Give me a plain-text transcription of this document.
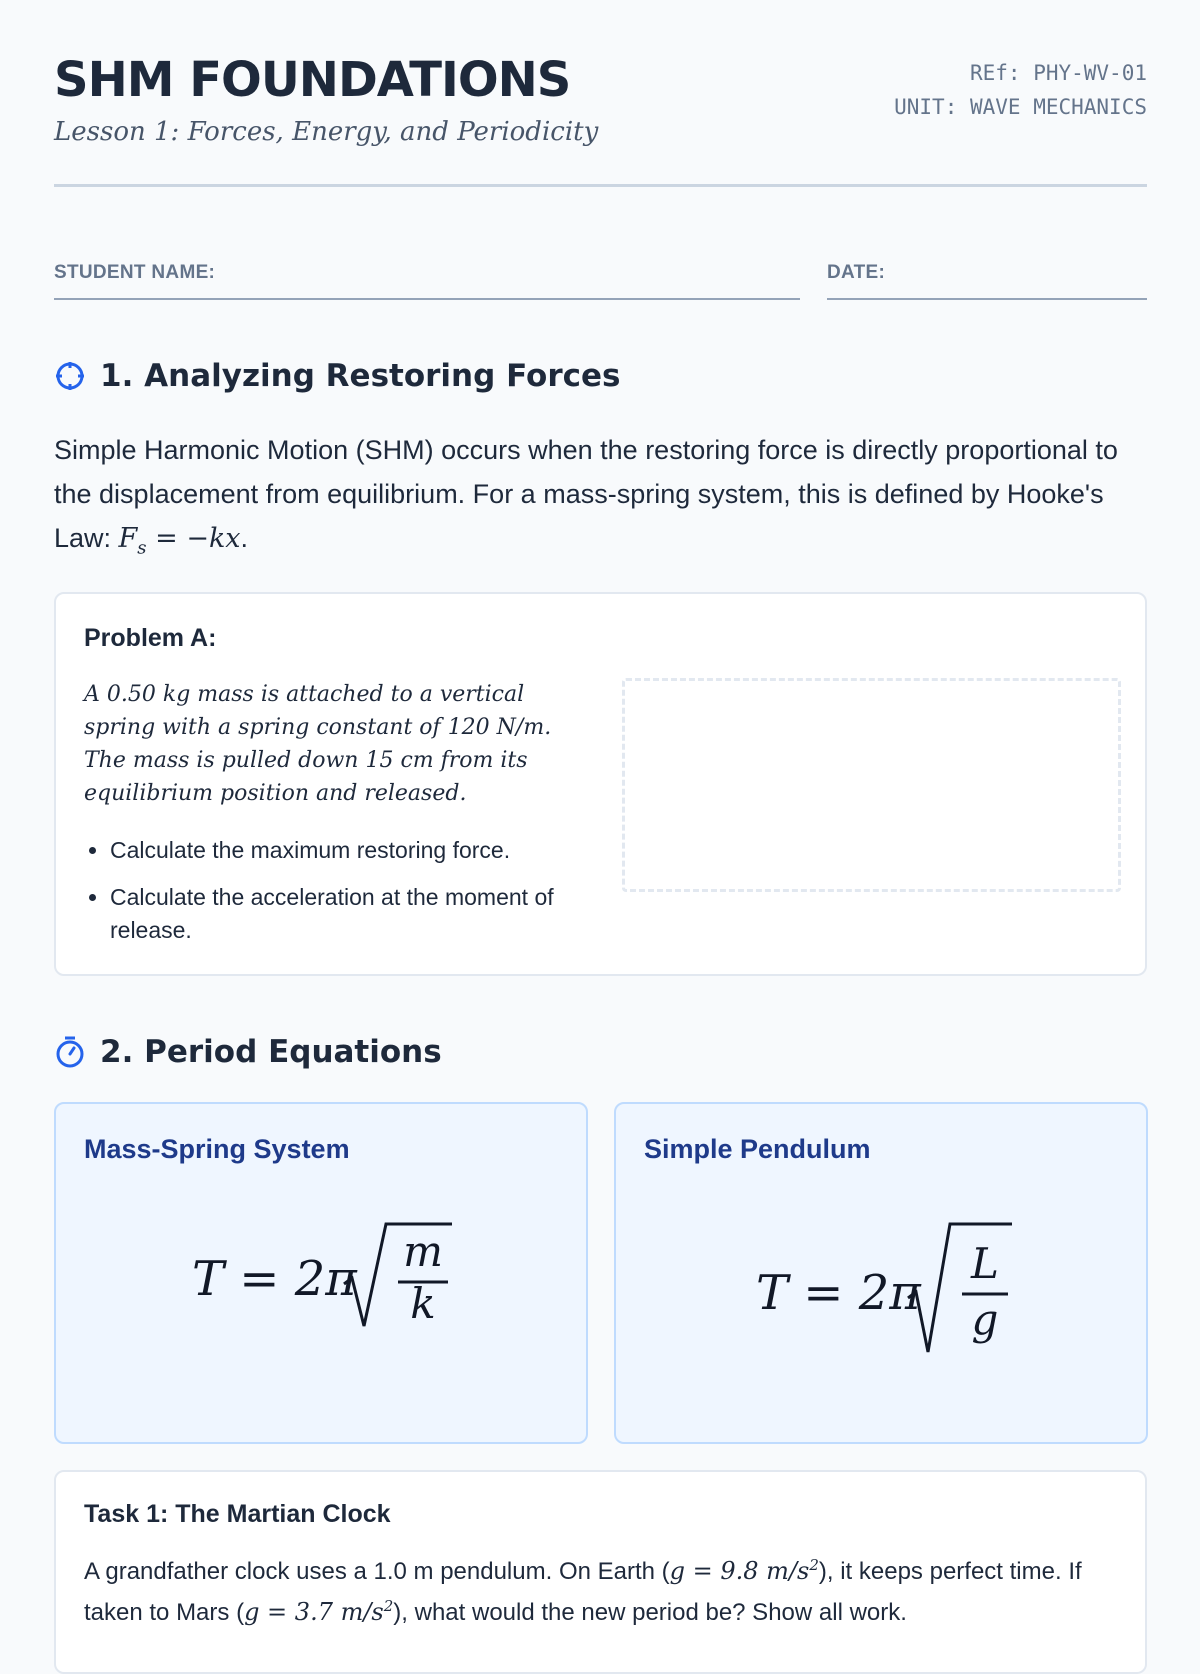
SHM FOUNDATIONS
Lesson 1: Forces, Energy, and Periodicity
REf: PHY-WV-01
UNIT: WAVE MECHANICS
STUDENT NAME:	DATE:
1. Analyzing Restoring Forces

Simple Harmonic Motion (SHM) occurs when the restoring force is directly proportional to the displacement from equilibrium. For a mass-spring system, this is defined by Hooke's Law: $F_s = -kx$.

Problem A:

A 0.50 kg mass is attached to a vertical spring with a spring constant of 120 N/m. The mass is pulled down 15 cm from its equilibrium position and released.

• Calculate the maximum restoring force.
• Calculate the acceleration at the moment of release.
2. Period Equations
Mass-Spring System
T = 2π m
k
Simple Pendulum
T = 2π
L
g
Task 1: The Martian Clock

A grandfather clock uses a 1.0 m pendulum. On Earth (g = 9.8 $m/s^2$), it keeps perfect time. If taken to Mars (g = 3.7 $m/s^2$), what would the new period be? Show all work.
